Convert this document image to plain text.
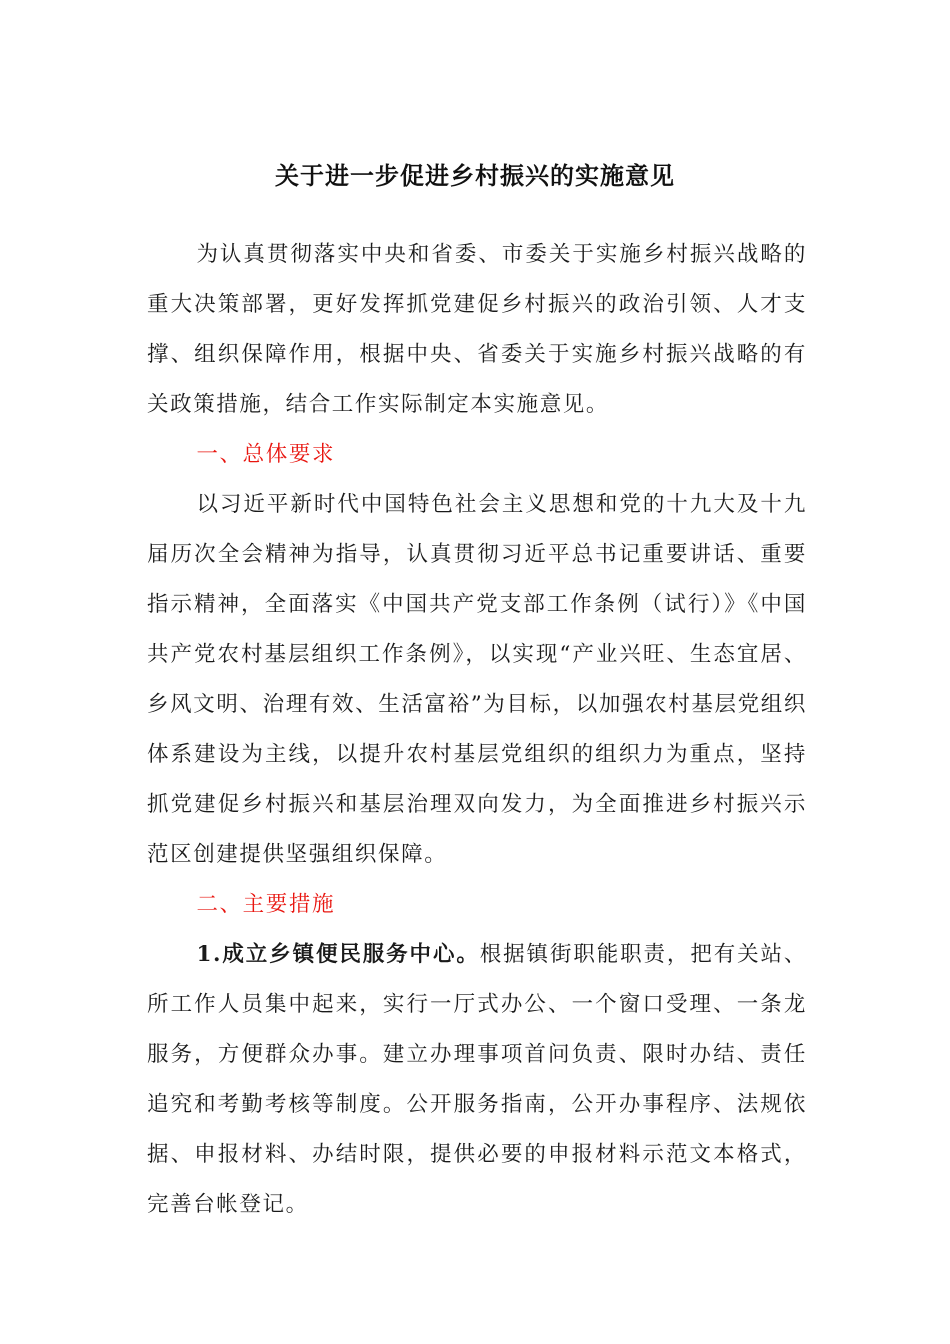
关于进一步促进乡村振兴的实施意见

为认真贯彻落实中央和省委、市委关于实施乡村振兴战略的重大决策部署，更好发挥抓党建促乡村振兴的政治引领、人才支撑、组织保障作用，根据中央、省委关于实施乡村振兴战略的有关政策措施，结合工作实际制定本实施意见。

一、总体要求

以习近平新时代中国特色社会主义思想和党的十九大及十九届历次全会精神为指导，认真贯彻习近平总书记重要讲话、重要指示精神，全面落实《中国共产党支部工作条例（试行）》《中国共产党农村基层组织工作条例》，以实现“产业兴旺、生态宜居、乡风文明、治理有效、生活富裕”为目标，以加强农村基层党组织体系建设为主线，以提升农村基层党组织的组织力为重点，坚持抓党建促乡村振兴和基层治理双向发力，为全面推进乡村振兴示范区创建提供坚强组织保障。

二、主要措施

1.成立乡镇便民服务中心。根据镇街职能职责，把有关站、所工作人员集中起来，实行一厅式办公、一个窗口受理、一条龙服务，方便群众办事。建立办理事项首问负责、限时办结、责任追究和考勤考核等制度。公开服务指南，公开办事程序、法规依据、申报材料、办结时限，提供必要的申报材料示范文本格式，完善台帐登记。
